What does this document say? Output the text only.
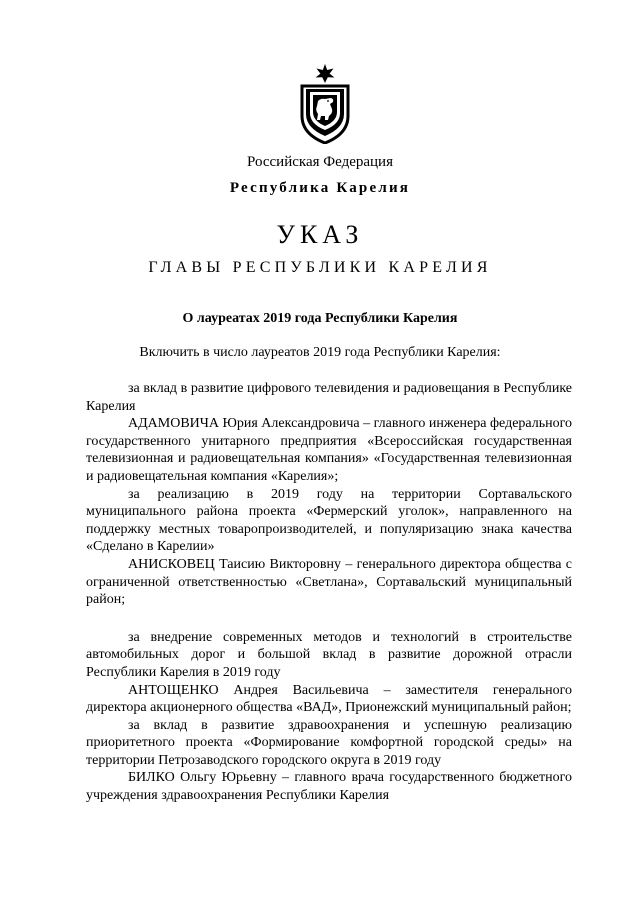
Российская Федерация
Республика Карелия
УКАЗ
ГЛАВЫ РЕСПУБЛИКИ КАРЕЛИЯ
О лауреатах 2019 года Республики Карелия
Включить в число лауреатов 2019 года Республики Карелия:

за вклад в развитие цифрового телевидения и радиовещания в Республике Карелия

АДАМОВИЧА Юрия Александровича – главного инженера федерального государственного унитарного предприятия «Всероссийская государственная телевизионная и радиовещательная компания» «Государственная телевизионная и радиовещательная компания «Карелия»;

за реализацию в 2019 году на территории Сортавальского муниципального района проекта «Фермерский уголок», направленного на поддержку местных товаропроизводителей, и популяризацию знака качества «Сделано в Карелии»

АНИСКОВЕЦ Таисию Викторовну – генерального директора общества с ограниченной ответственностью «Светлана», Сортавальский муниципальный район;

за внедрение современных методов и технологий в строительстве автомобильных дорог и большой вклад в развитие дорожной отрасли Республики Карелия в 2019 году

АНТОЩЕНКО Андрея Васильевича – заместителя генерального директора акционерного общества «ВАД», Прионежский муниципальный район;

за вклад в развитие здравоохранения и успешную реализацию приоритетного проекта «Формирование комфортной городской среды» на территории Петрозаводского городского округа в 2019 году

БИЛКО Ольгу Юрьевну – главного врача государственного бюджетного учреждения здравоохранения Республики Карелия
